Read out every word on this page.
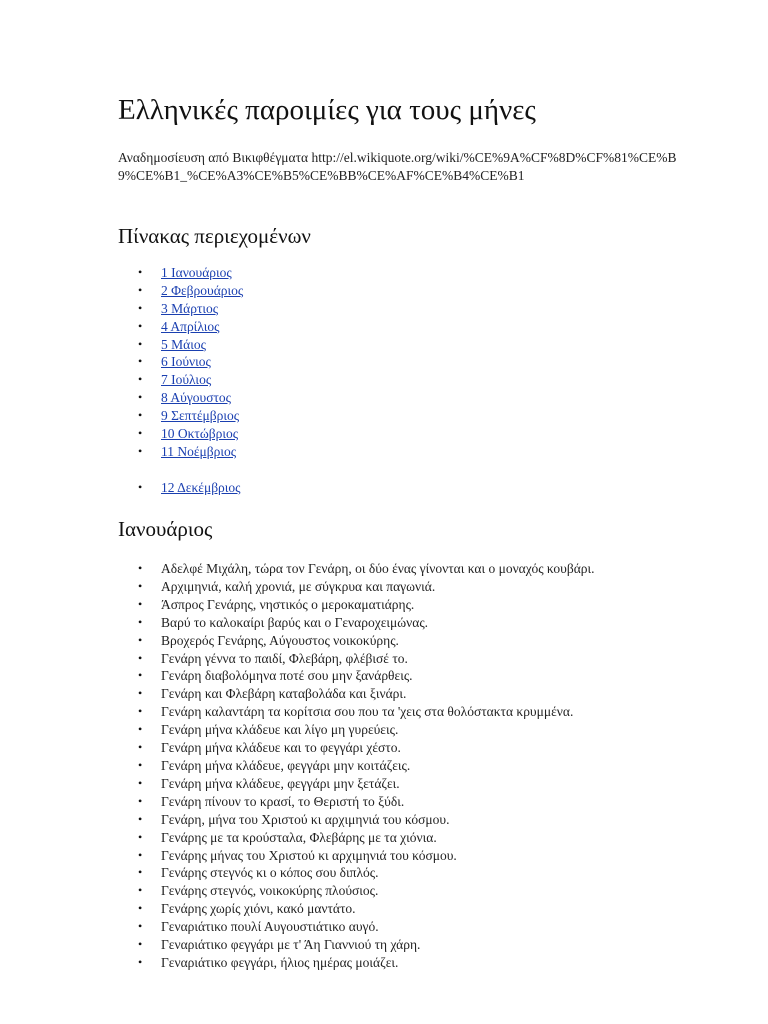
Ελληνικές παροιμίες για τους μήνες

Αναδημοσίευση από Βικιφθέγματα http://el.wikiquote.org/wiki/%CE%9A%CF%8D%CF%81%CE%B9%CE%B1_%CE%A3%CE%B5%CE%BB%CE%AF%CE%B4%CE%B1

Πίνακας περιεχομένων
• 1 Ιανουάριος
• 2 Φεβρουάριος
• 3 Μάρτιος
• 4 Απρίλιος
• 5 Μάιος
• 6 Ιούνιος
• 7 Ιούλιος
• 8 Αύγουστος
• 9 Σεπτέμβριος
• 10 Οκτώβριος
• 11 Νοέμβριος
• 12 Δεκέμβριος
Ιανουάριος
• Αδελφέ Μιχάλη, τώρα τον Γενάρη, οι δύο ένας γίνονται και ο μοναχός κουβάρι.
• Αρχιμηνιά, καλή χρονιά, με σύγκρυα και παγωνιά.
• Άσπρος Γενάρης, νηστικός ο μεροκαματιάρης.
• Βαρύ το καλοκαίρι βαρύς και ο Γεναροχειμώνας.
• Βροχερός Γενάρης, Αύγουστος νοικοκύρης.
• Γενάρη γέννα το παιδί, Φλεβάρη, φλέβισέ το.
• Γενάρη διαβολόμηνα ποτέ σου μην ξανάρθεις.
• Γενάρη και Φλεβάρη καταβολάδα και ξινάρι.
• Γενάρη καλαντάρη τα κορίτσια σου που τα 'χεις στα θολόστακτα κρυμμένα.
• Γενάρη μήνα κλάδευε και λίγο μη γυρεύεις.
• Γενάρη μήνα κλάδευε και το φεγγάρι χέστο.
• Γενάρη μήνα κλάδευε, φεγγάρι μην κοιτάζεις.
• Γενάρη μήνα κλάδευε, φεγγάρι μην ξετάζει.
• Γενάρη πίνουν το κρασί, το Θεριστή το ξύδι.
• Γενάρη, μήνα του Χριστού κι αρχιμηνιά του κόσμου.
• Γενάρης με τα κρούσταλα, Φλεβάρης με τα χιόνια.
• Γενάρης μήνας του Χριστού κι αρχιμηνιά του κόσμου.
• Γενάρης στεγνός κι ο κόπος σου διπλός.
• Γενάρης στεγνός, νοικοκύρης πλούσιος.
• Γενάρης χωρίς χιόνι, κακό μαντάτο.
• Γεναριάτικο πουλί Αυγουστιάτικο αυγό.
• Γεναριάτικο φεγγάρι με τ' Άη Γιαννιού τη χάρη.
• Γεναριάτικο φεγγάρι, ήλιος ημέρας μοιάζει.
